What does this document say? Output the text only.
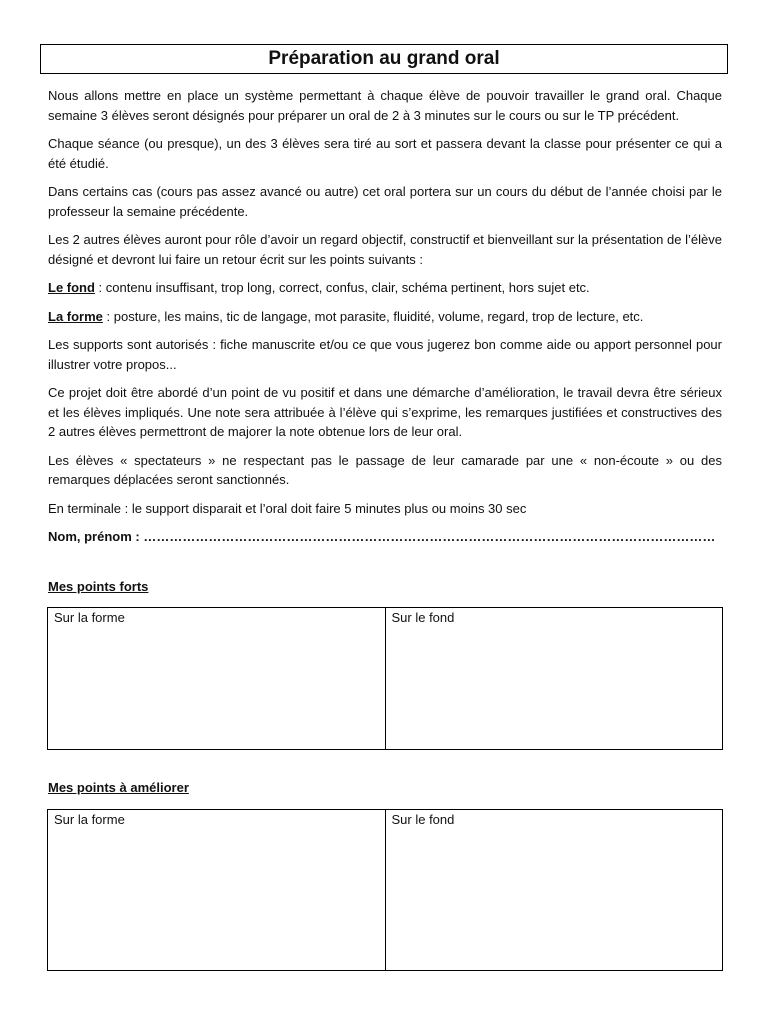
Préparation au grand oral

Nous allons mettre en place un système permettant à chaque élève de pouvoir travailler le grand oral. Chaque semaine 3 élèves seront désignés pour préparer un oral de 2 à 3 minutes sur le cours ou sur le TP précédent.

Chaque séance (ou presque), un des 3 élèves sera tiré au sort et passera devant la classe pour présenter ce qui a été étudié.

Dans certains cas (cours pas assez avancé ou autre) cet oral portera sur un cours du début de l’année choisi par le professeur la semaine précédente.

Les 2 autres élèves auront pour rôle d’avoir un regard objectif, constructif et bienveillant sur la présentation de l’élève désigné et devront lui faire un retour écrit sur les points suivants :

Le fond : contenu insuffisant, trop long, correct, confus, clair, schéma pertinent, hors sujet etc.

La forme : posture, les mains, tic de langage, mot parasite, fluidité, volume, regard, trop de lecture, etc.

Les supports sont autorisés : fiche manuscrite et/ou ce que vous jugerez bon comme aide ou apport personnel pour illustrer votre propos...

Ce projet doit être abordé d’un point de vu positif et dans une démarche d’amélioration, le travail devra être sérieux et les élèves impliqués. Une note sera attribuée à l’élève qui s’exprime, les remarques justifiées et constructives des 2 autres élèves permettront de majorer la note obtenue lors de leur oral.

Les élèves « spectateurs » ne respectant pas le passage de leur camarade par une « non-écoute » ou des remarques déplacées seront sanctionnés.

En terminale : le support disparait et l’oral doit faire 5 minutes plus ou moins 30 sec

Nom, prénom : ……………………………………………………………………………………………………………………

Mes points forts
Sur la forme	Sur le fond
Mes points à améliorer
Sur la forme	Sur le fond
